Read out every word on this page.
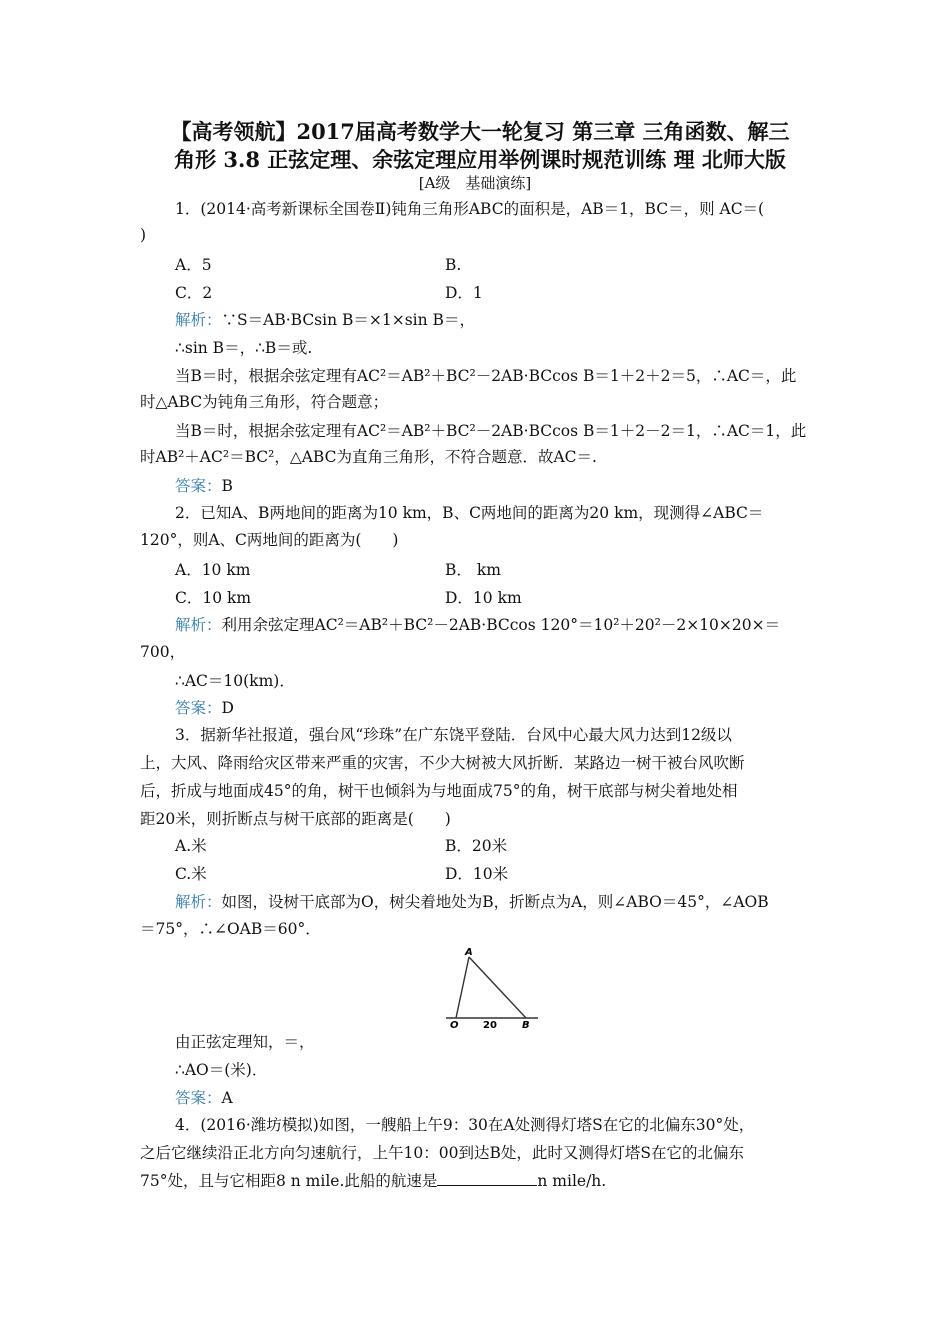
【高考领航】2017届高考数学大一轮复习 第三章 三角函数、解三
角形 3.8 正弦定理、余弦定理应用举例课时规范训练 理 北师大版
[A级　基础演练]
1．(2014·高考新课标全国卷Ⅱ)钝角三角形ABC的面积是，AB＝1，BC＝，则 AC＝(
)
A．5	B.
C．2	D．1
解析：∵S＝AB·BCsin B＝×1×sin B＝，
∴sin B＝，∴B＝或.
当B＝时，根据余弦定理有AC²＝AB²＋BC²－2AB·BCcos B＝1＋2＋2＝5，∴AC＝，此
时△ABC为钝角三角形，符合题意；
当B＝时，根据余弦定理有AC²＝AB²＋BC²－2AB·BCcos B＝1＋2－2＝1，∴AC＝1，此
时AB²＋AC²＝BC²，△ABC为直角三角形，不符合题意．故AC＝.
答案：B
2．已知A、B两地间的距离为10 km，B、C两地间的距离为20 km，现测得∠ABC＝
120°，则A、C两地间的距离为(　　)
A．10 km	B． km
C．10 km	D．10 km
解析：利用余弦定理AC²＝AB²＋BC²－2AB·BCcos 120°＝10²＋20²－2×10×20×＝
700，
∴AC＝10(km)．
答案：D
3．据新华社报道，强台风“珍珠”在广东饶平登陆．台风中心最大风力达到12级以
上，大风、降雨给灾区带来严重的灾害，不少大树被大风折断．某路边一树干被台风吹断
后，折成与地面成45°的角，树干也倾斜为与地面成75°的角，树干底部与树尖着地处相
距20米，则折断点与树干底部的距离是(　　)
A.米	B．20米
C.米	D．10米
解析：如图，设树干底部为O，树尖着地处为B，折断点为A，则∠ABO＝45°，∠AOB
＝75°，∴∠OAB＝60°．
A
O	B
20
由正弦定理知，＝，
∴AO＝(米)．
答案：A
4．(2016·潍坊模拟)如图，一艘船上午9：30在A处测得灯塔S在它的北偏东30°处，
之后它继续沿正北方向匀速航行，上午10：00到达B处，此时又测得灯塔S在它的北偏东
75°处，且与它相距8 n mile.此船的航速是	n mile/h.
